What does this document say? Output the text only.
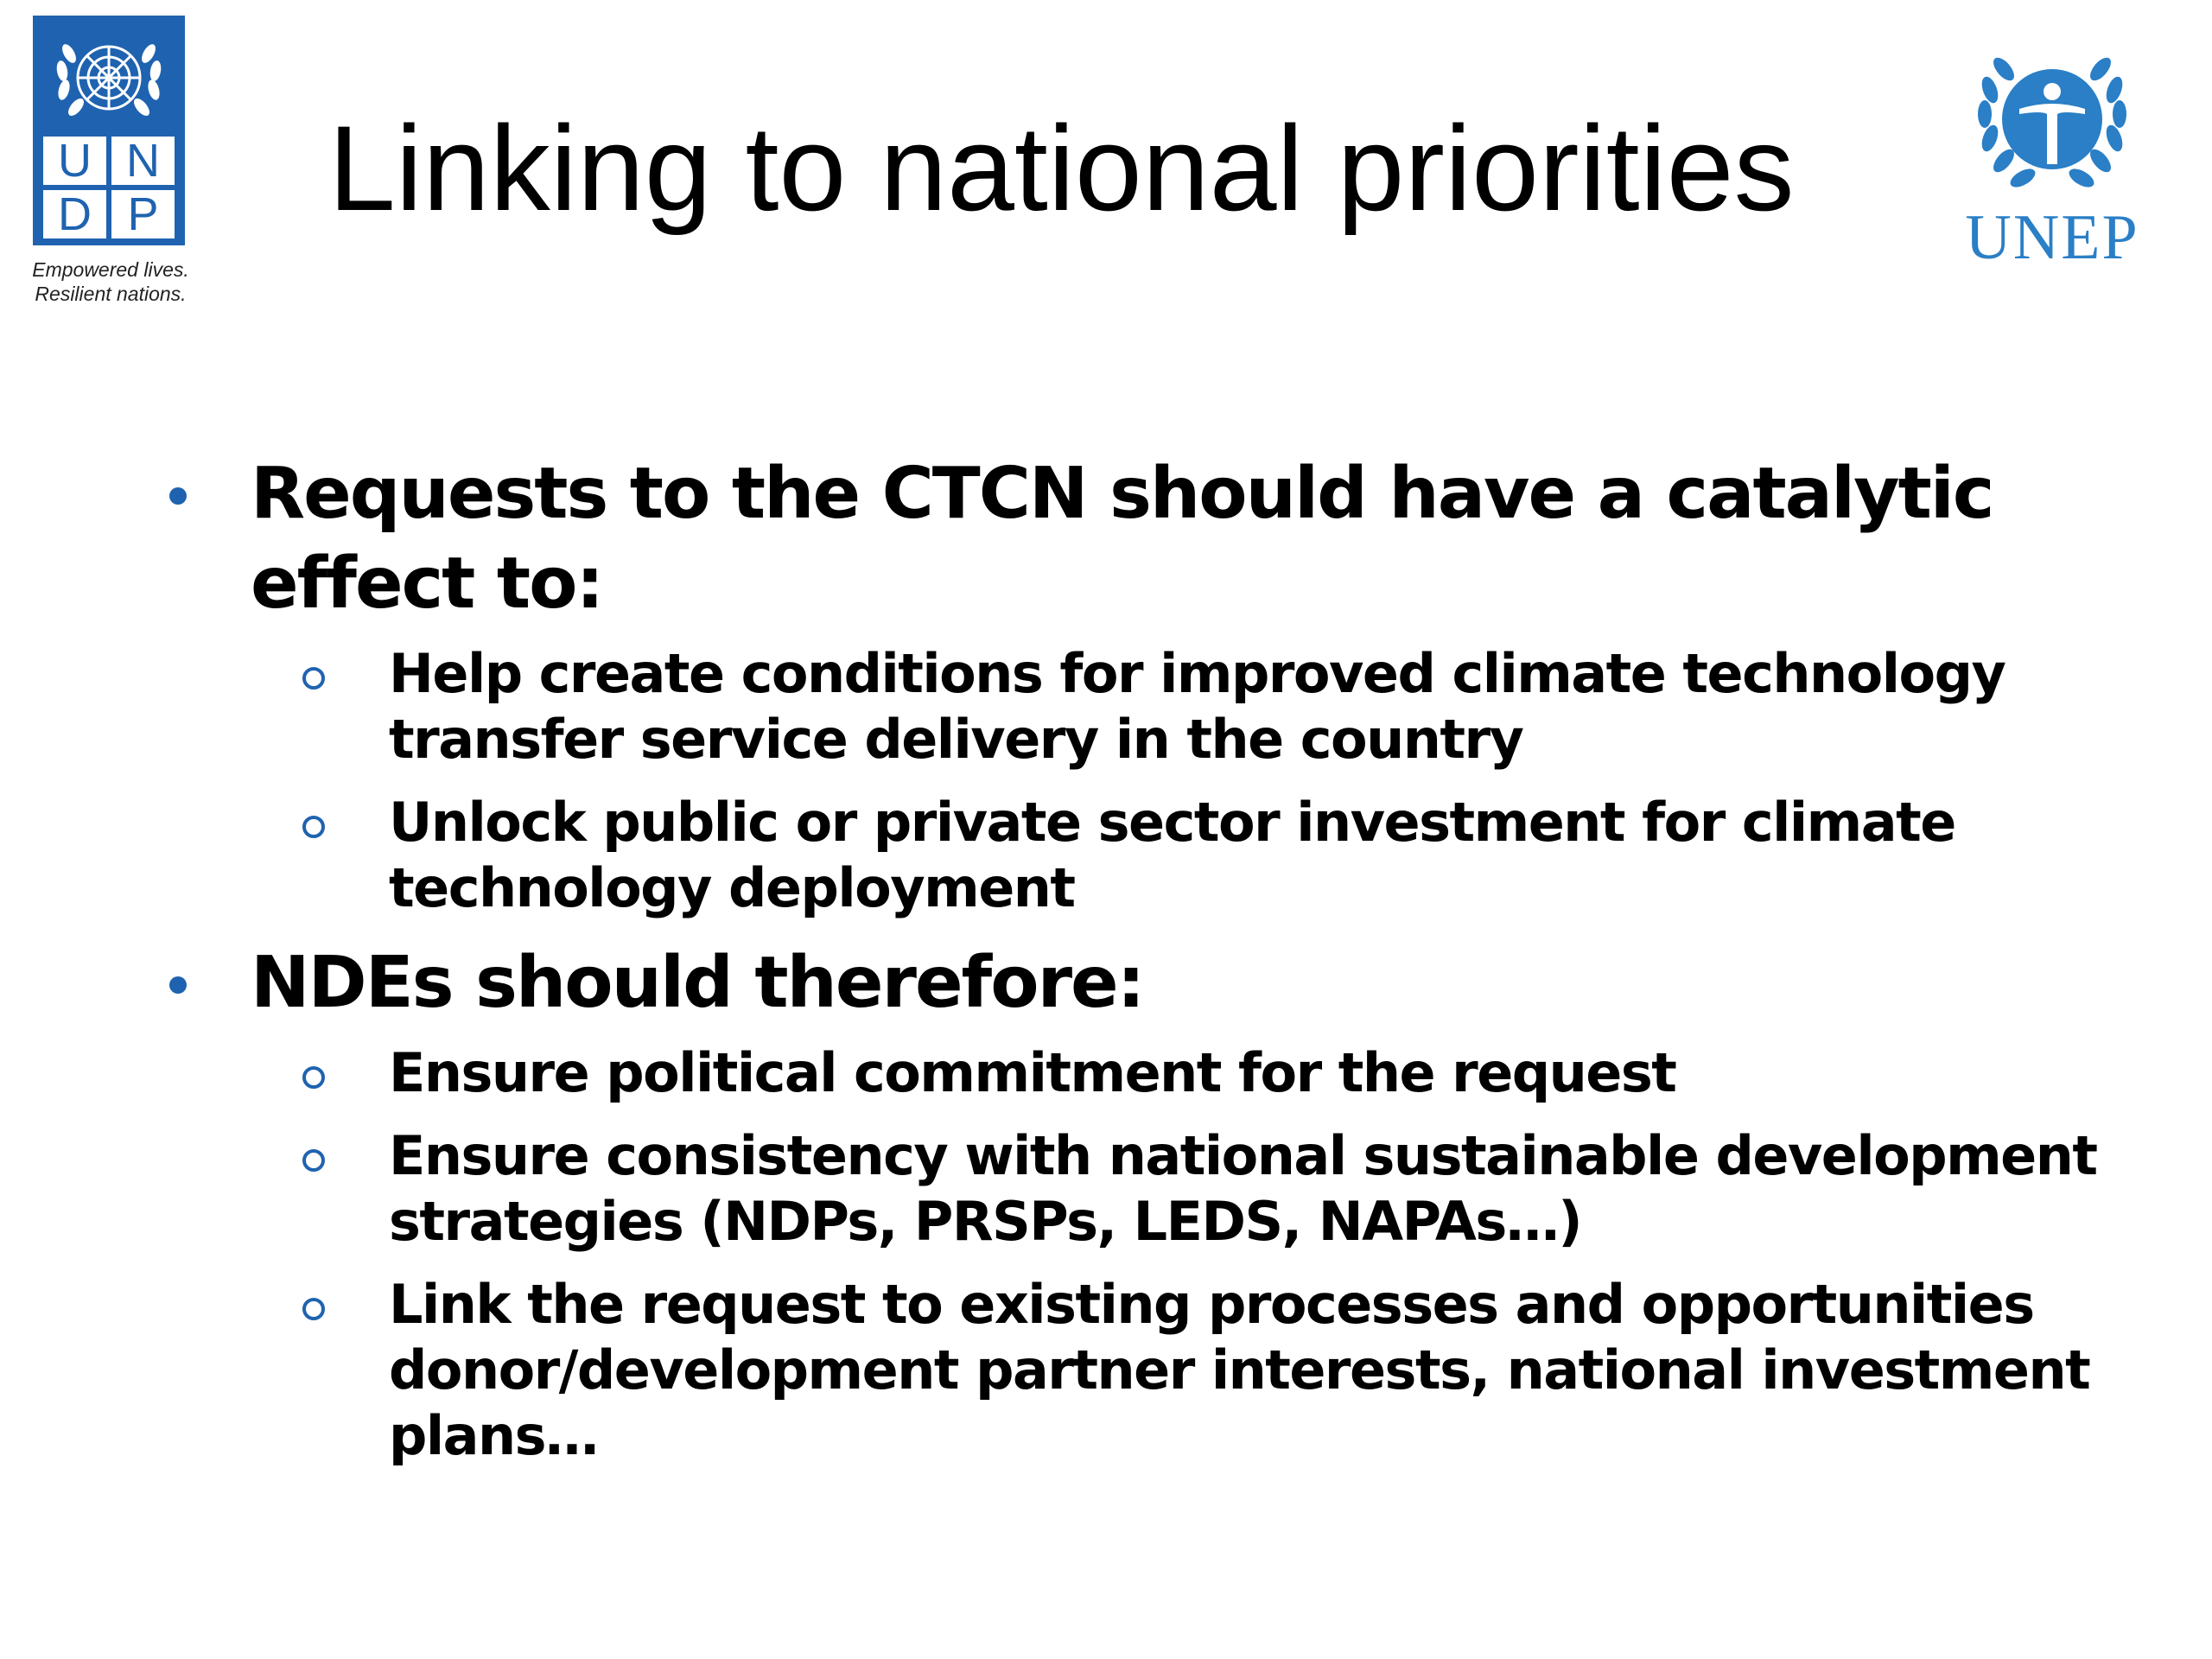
U N
D P
Empowered lives.
Resilient nations.
Linking to national priorities
UNEP
Requests to the CTCN should have a catalytic effect to:
Help create conditions for improved climate technology transfer service delivery in the country
Unlock public or private sector investment for climate technology deployment
NDEs should therefore:
Ensure political commitment for the request
Ensure consistency with national sustainable development strategies (NDPs, PRSPs, LEDS, NAPAs…)
Link the request to existing processes and opportunities donor/development partner interests, national investment plans…
